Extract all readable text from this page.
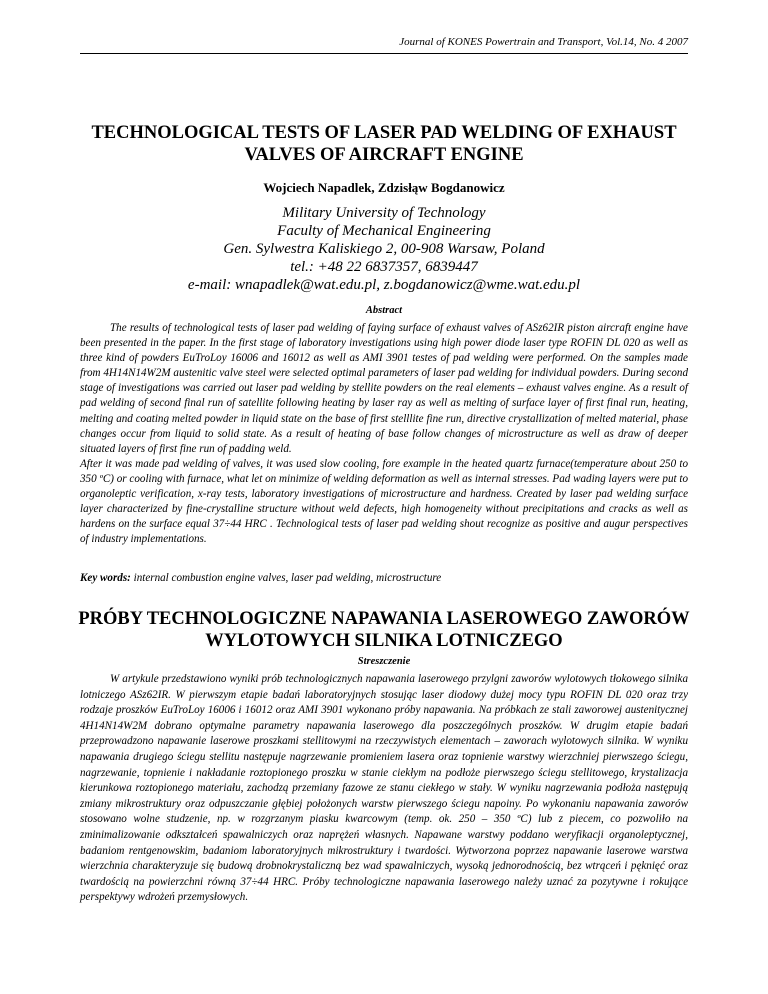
Journal of KONES Powertrain and Transport, Vol.14, No. 4 2007
TECHNOLOGICAL TESTS OF LASER PAD WELDING OF EXHAUST VALVES OF AIRCRAFT ENGINE

Wojciech Napadlek, Zdzisłąw Bogdanowicz

Military University of Technology
Faculty of Mechanical Engineering
Gen. Sylwestra Kaliskiego 2, 00-908 Warsaw, Poland
tel.: +48 22 6837357, 6839447
e-mail: wnapadlek@wat.edu.pl, z.bogdanowicz@wme.wat.edu.pl
Abstract

The results of technological tests of laser pad welding of faying surface of exhaust valves of ASz62IR piston aircraft engine have been presented in the paper. In the first stage of laboratory investigations using high power diode laser type ROFIN DL 020 as well as three kind of powders EuTroLoy 16006 and 16012 as well as AMI 3901 testes of pad welding were performed. On the samples made from 4H14N14W2M austenitic valve steel were selected optimal parameters of laser pad welding for individual powders. During second stage of investigations was carried out laser pad welding by stellite powders on the real elements – exhaust valves engine. As a result of pad welding of second final run of satellite following heating by laser ray as well as melting of surface layer of first final run, heating, melting and coating melted powder in liquid state on the base of first stelllite fine run, directive crystallization of melted material, phase changes occur from liquid to solid state. As a result of heating of base follow changes of microstructure as well as draw of deeper situated layers of first fine run of padding weld.

After it was made pad welding of valves, it was used slow cooling, fore example in the heated quartz furnace(temperature about 250 to 350 ºC) or cooling with furnace, what let on minimize of welding deformation as well as internal stresses. Pad wading layers were put to organoleptic verification, x-ray tests, laboratory investigations of microstructure and hardness. Created by laser pad welding surface layer characterized by fine-crystalline structure without weld defects, high homogeneity without precipitations and cracks as well as hardens on the surface equal 37÷44 HRC . Technological tests of laser pad welding shout recognize as positive and augur perspectives of industry implementations.

Key words: internal combustion engine valves, laser pad welding, microstructure

PRÓBY TECHNOLOGICZNE NAPAWANIA LASEROWEGO ZAWORÓW WYLOTOWYCH SILNIKA LOTNICZEGO
Streszczenie

W artykule przedstawiono wyniki prób technologicznych napawania laserowego przylgni zaworów wylotowych tłokowego silnika lotniczego ASz62IR. W pierwszym etapie badań laboratoryjnych stosując laser diodowy dużej mocy typu ROFIN DL 020 oraz trzy rodzaje proszków EuTroLoy 16006 i 16012 oraz AMI 3901 wykonano próby napawania. Na próbkach ze stali zaworowej austenitycznej 4H14N14W2M dobrano optymalne parametry napawania laserowego dla poszczególnych proszków. W drugim etapie badań przeprowadzono napawanie laserowe proszkami stellitowymi na rzeczywistych elementach – zaworach wylotowych silnika. W wyniku napawania drugiego ściegu stellitu następuje nagrzewanie promieniem lasera oraz topnienie warstwy wierzchniej pierwszego ściegu, nagrzewanie, topnienie i nakładanie roztopionego proszku w stanie ciekłym na podłoże pierwszego ściegu stellitowego, krystalizacja kierunkowa roztopionego materiału, zachodzą przemiany fazowe ze stanu ciekłego w stały. W wyniku nagrzewania podłoża następują zmiany mikrostruktury oraz odpuszczanie głębiej położonych warstw pierwszego ściegu napoiny. Po wykonaniu napawania zaworów stosowano wolne studzenie, np. w rozgrzanym piasku kwarcowym (temp. ok. 250 – 350 ºC) lub z piecem, co pozwoliło na zminimalizowanie odkształceń spawalniczych oraz naprężeń własnych. Napawane warstwy poddano weryfikacji organoleptycznej, badaniom rentgenowskim, badaniom laboratoryjnych mikrostruktury i twardości. Wytworzona poprzez napawanie laserowe warstwa wierzchnia charakteryzuje się budową drobnokrystaliczną bez wad spawalniczych, wysoką jednorodnością, bez wtrąceń i pęknięć oraz twardością na powierzchni równą 37÷44 HRC. Próby technologiczne napawania laserowego należy uznać za pozytywne i rokujące perspektywy wdrożeń przemysłowych.
